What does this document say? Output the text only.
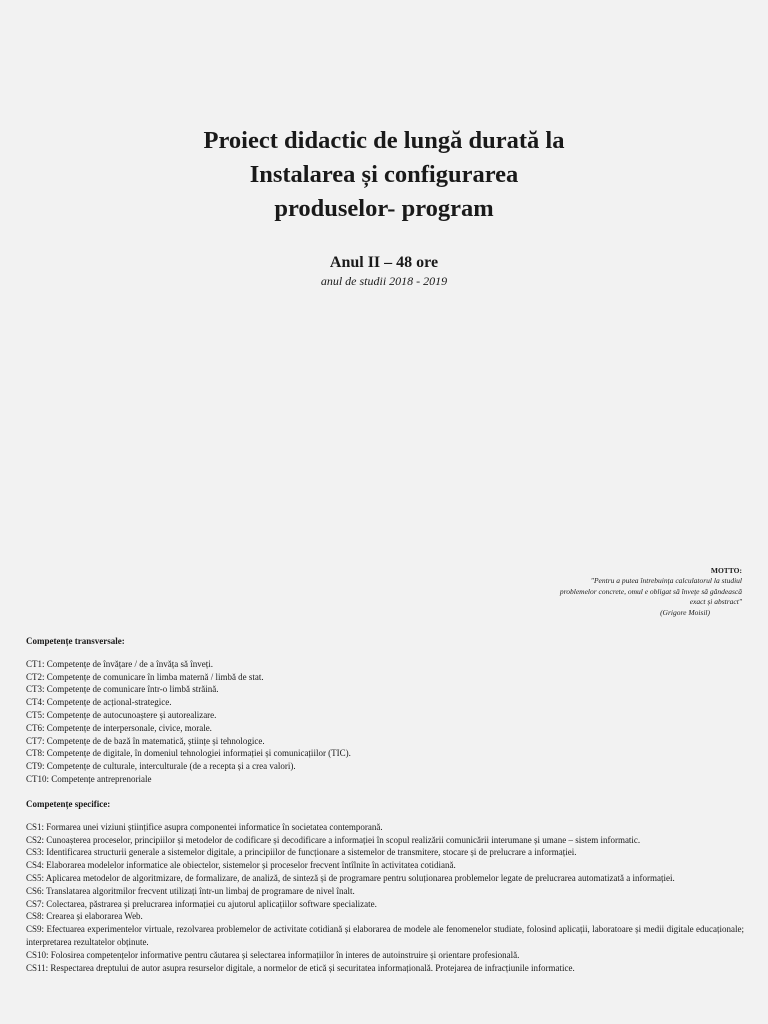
Proiect didactic de lungă durată la
Instalarea și configurarea
produselor- program
Anul II – 48 ore
anul de studii 2018 - 2019
MOTTO:
"Pentru a putea întrebuința calculatorul la studiul
problemelor concrete, omul e obligat să învețe să gândească
exact și abstract"
(Grigore Moisil)
Competențe transversale:
CT1: Competențe de învățare / de a învăța să înveți.
CT2: Competențe de comunicare în limba maternă / limbă de stat.
CT3: Competențe de comunicare într-o limbă străină.
CT4: Competențe de acțional-strategice.
CT5: Competențe de autocunoaștere și autorealizare.
CT6: Competențe de interpersonale, civice, morale.
CT7: Competențe de de bază în matematică, științe și tehnologice.
CT8: Competențe de digitale, în domeniul tehnologiei informației și comunicațiilor (TIC).
CT9: Competențe de culturale, interculturale (de a recepta și a crea valori).
CT10: Competențe antreprenoriale
Competențe specifice:
CS1: Formarea unei viziuni științifice asupra componentei informatice în societatea contemporană.
CS2: Cunoașterea proceselor, principiilor și metodelor de codificare și decodificare a informației în scopul realizării comunicării interumane și umane – sistem informatic.
CS3: Identificarea structurii generale a sistemelor digitale, a principiilor de funcționare a sistemelor de transmitere, stocare și de prelucrare a informației.
CS4: Elaborarea modelelor informatice ale obiectelor, sistemelor și proceselor frecvent întîlnite în activitatea cotidiană.
CS5: Aplicarea metodelor de algoritmizare, de formalizare, de analiză, de sinteză și de programare pentru soluționarea problemelor legate de prelucrarea automatizată a informației.
CS6: Translatarea algoritmilor frecvent utilizați într-un limbaj de programare de nivel înalt.
CS7: Colectarea, păstrarea și prelucrarea informației cu ajutorul aplicațiilor software specializate.
CS8: Crearea și elaborarea Web.
CS9: Efectuarea experimentelor virtuale, rezolvarea problemelor de activitate cotidiană și elaborarea de modele ale fenomenelor studiate, folosind aplicații, laboratoare și medii digitale educaționale; interpretarea rezultatelor obținute.
CS10: Folosirea competențelor informative pentru căutarea și selectarea informațiilor în interes de autoinstruire și orientare profesională.
CS11: Respectarea dreptului de autor asupra resurselor digitale, a normelor de etică și securitatea informațională. Protejarea de infracțiunile informatice.
